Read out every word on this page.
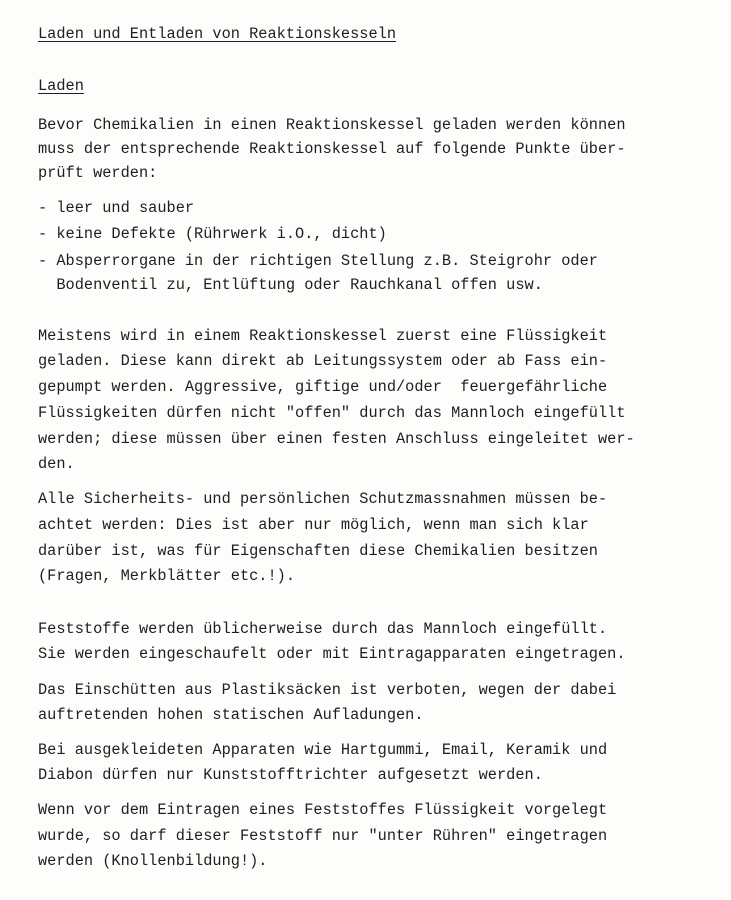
Laden und Entladen von Reaktionskesseln
Laden
Bevor Chemikalien in einen Reaktionskessel geladen werden können
muss der entsprechende Reaktionskessel auf folgende Punkte über-
prüft werden:
- leer und sauber
- keine Defekte (Rührwerk i.O., dicht)
- Absperrorgane in der richtigen Stellung z.B. Steigrohr oder
Bodenventil zu, Entlüftung oder Rauchkanal offen usw.
Meistens wird in einem Reaktionskessel zuerst eine Flüssigkeit
geladen. Diese kann direkt ab Leitungssystem oder ab Fass ein-
gepumpt werden. Aggressive, giftige und/oder  feuergefährliche
Flüssigkeiten dürfen nicht "offen" durch das Mannloch eingefüllt
werden; diese müssen über einen festen Anschluss eingeleitet wer-
den.
Alle Sicherheits- und persönlichen Schutzmassnahmen müssen be-
achtet werden: Dies ist aber nur möglich, wenn man sich klar
darüber ist, was für Eigenschaften diese Chemikalien besitzen
(Fragen, Merkblätter etc.!).
Feststoffe werden üblicherweise durch das Mannloch eingefüllt.
Sie werden eingeschaufelt oder mit Eintragapparaten eingetragen.
Das Einschütten aus Plastiksäcken ist verboten, wegen der dabei
auftretenden hohen statischen Aufladungen.
Bei ausgekleideten Apparaten wie Hartgummi, Email, Keramik und
Diabon dürfen nur Kunststofftrichter aufgesetzt werden.
Wenn vor dem Eintragen eines Feststoffes Flüssigkeit vorgelegt
wurde, so darf dieser Feststoff nur "unter Rühren" eingetragen
werden (Knollenbildung!).
